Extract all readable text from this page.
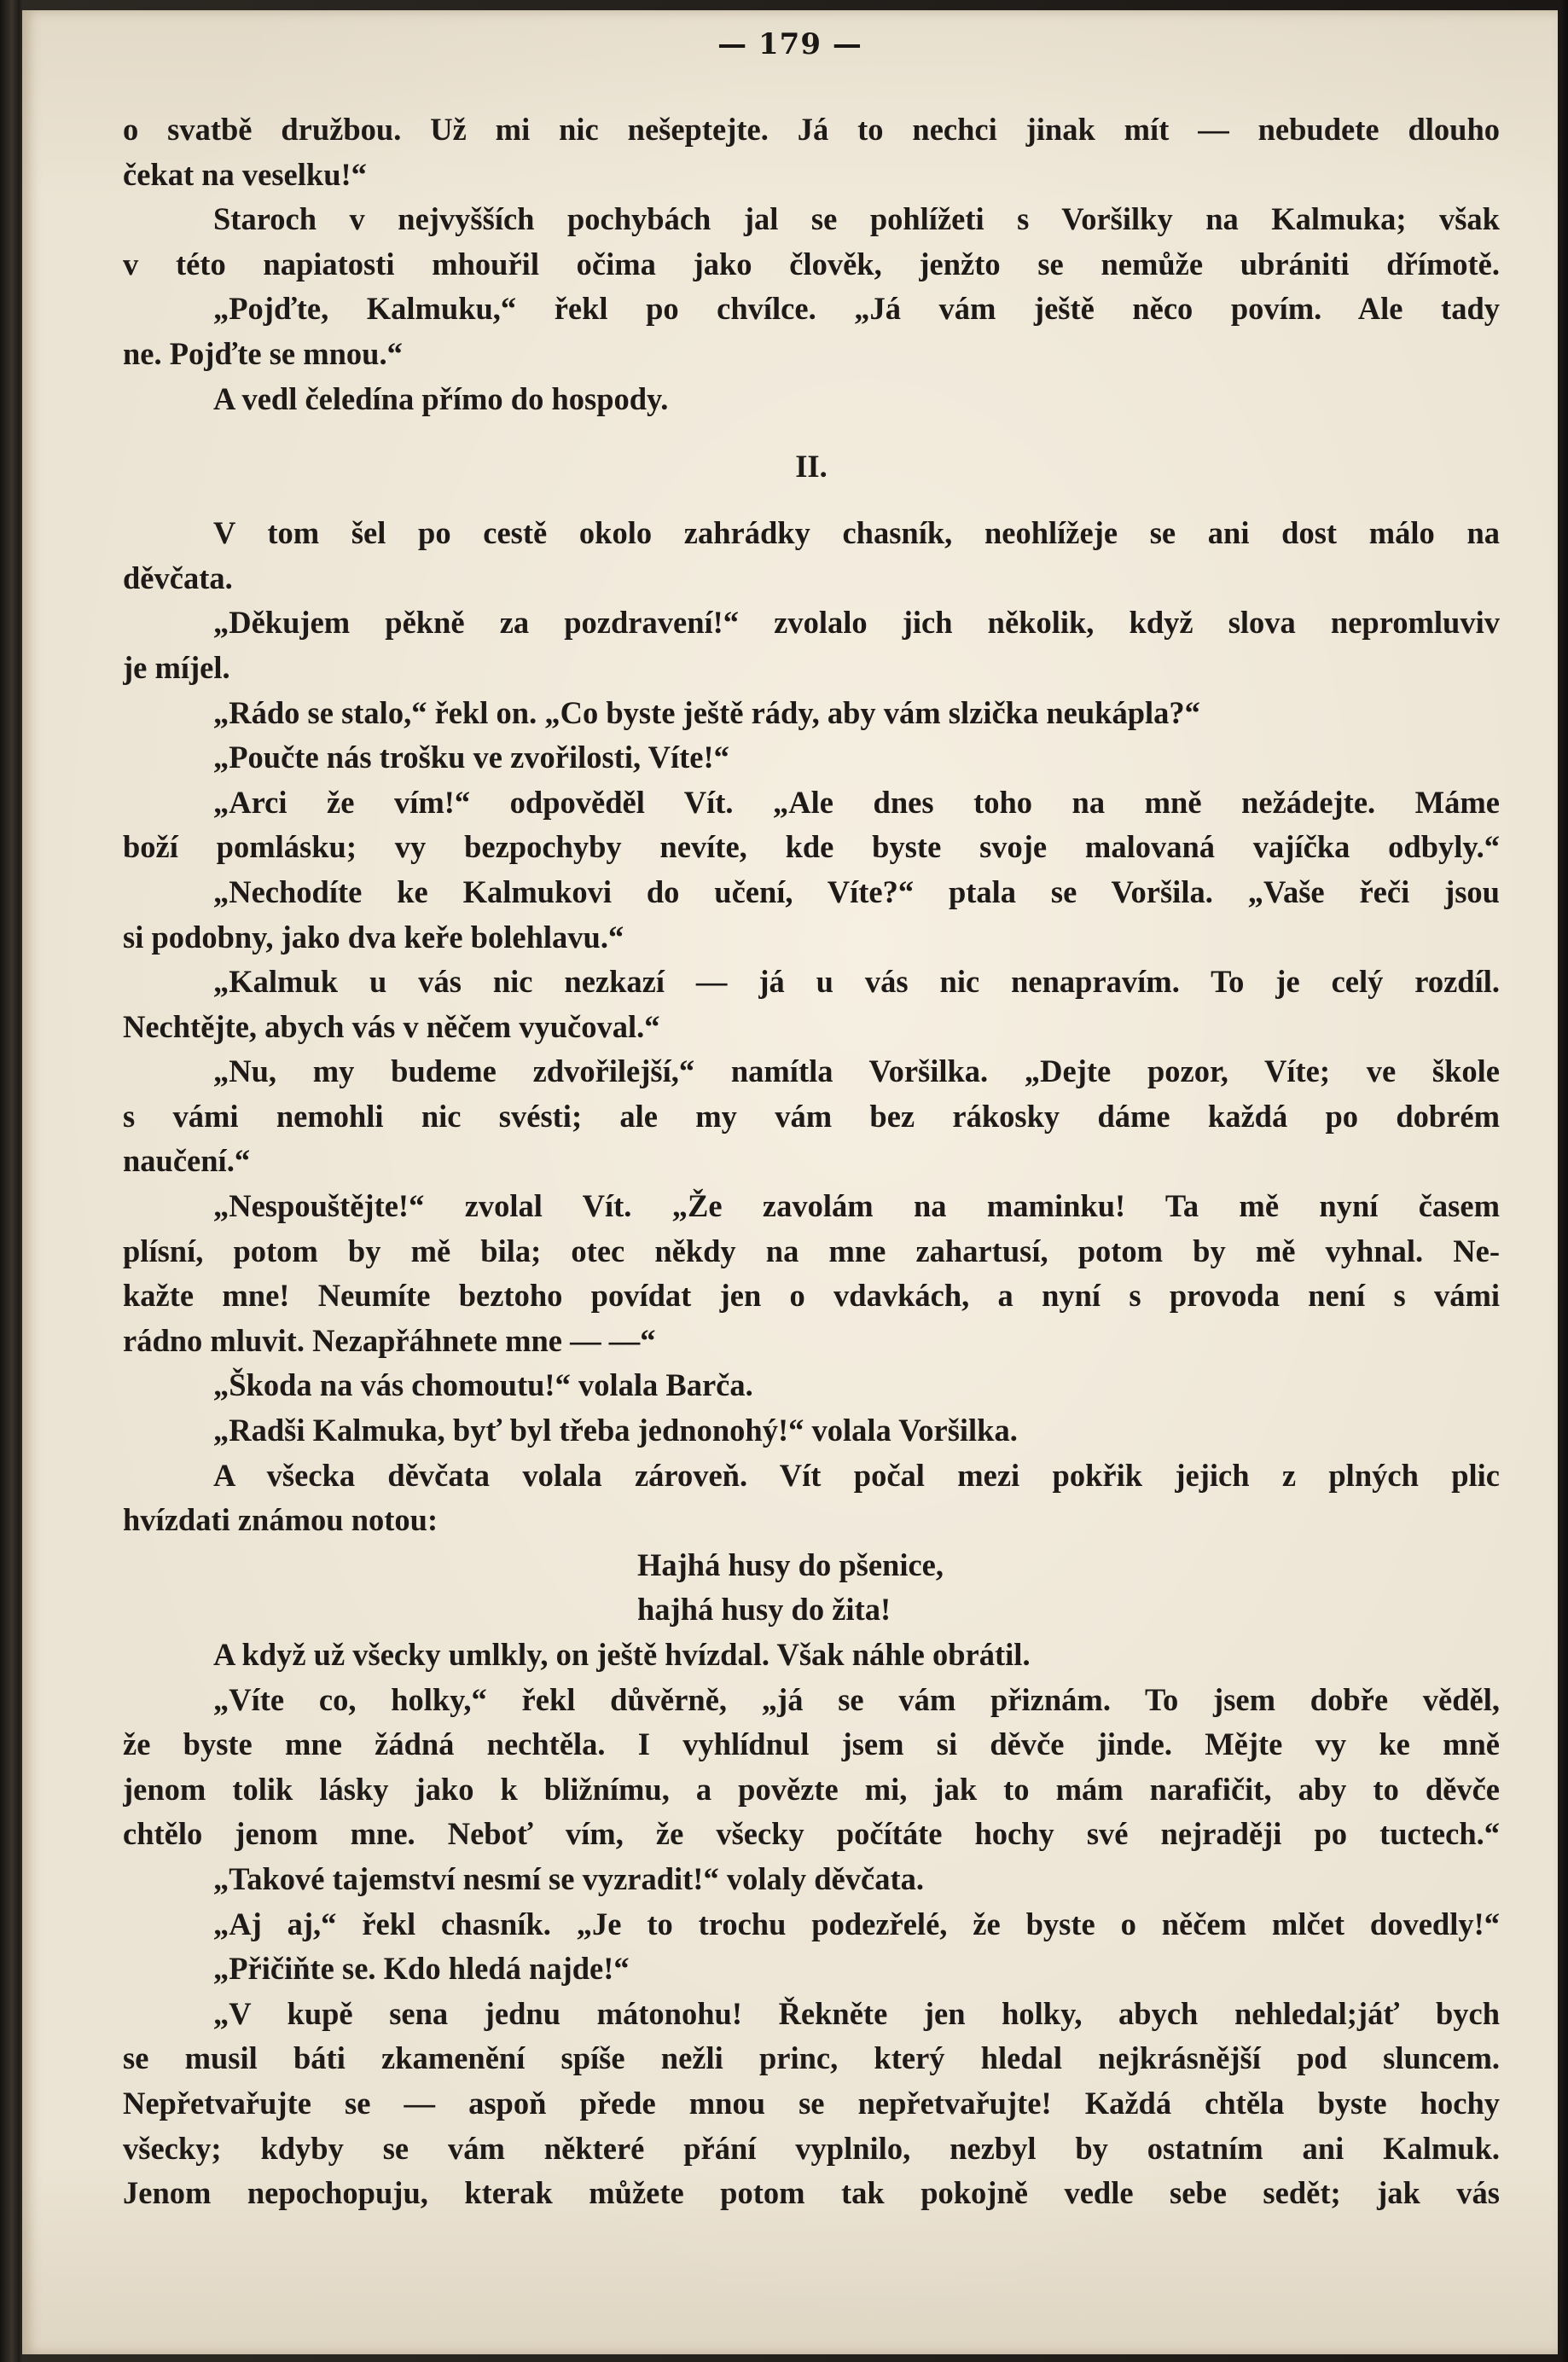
— 179 —
o svatbě družbou. Už mi nic nešeptejte. Já to nechci jinak mít — nebudete dlouho
čekat na veselku!“
Staroch v nejvyšších pochybách jal se pohlížeti s Voršilky na Kalmuka; však
v této napiatosti mhouřil očima jako člověk, jenžto se nemůže ubrániti dřímotě.
„Pojďte, Kalmuku,“ řekl po chvílce. „Já vám ještě něco povím. Ale tady
ne. Pojďte se mnou.“
A vedl čeledína přímo do hospody.
II.
V tom šel po cestě okolo zahrádky chasník, neohlížeje se ani dost málo na
děvčata.
„Děkujem pěkně za pozdravení!“ zvolalo jich několik, když slova nepromluviv
je míjel.
„Rádo se stalo,“ řekl on. „Co byste ještě rády, aby vám slzička neukápla?“
„Poučte nás trošku ve zvořilosti, Víte!“
„Arci že vím!“ odpověděl Vít. „Ale dnes toho na mně nežádejte. Máme
boží pomlásku; vy bezpochyby nevíte, kde byste svoje malovaná vajíčka odbyly.“
„Nechodíte ke Kalmukovi do učení, Víte?“ ptala se Voršila. „Vaše řeči jsou
si podobny, jako dva keře bolehlavu.“
„Kalmuk u vás nic nezkazí — já u vás nic nenapravím. To je celý rozdíl.
Nechtějte, abych vás v něčem vyučoval.“
„Nu, my budeme zdvořilejší,“ namítla Voršilka. „Dejte pozor, Víte; ve škole
s vámi nemohli nic svésti; ale my vám bez rákosky dáme každá po dobrém
naučení.“
„Nespouštějte!“ zvolal Vít. „Že zavolám na maminku! Ta mě nyní časem
plísní, potom by mě bila; otec někdy na mne zahartusí, potom by mě vyhnal. Ne-
kažte mne! Neumíte beztoho povídat jen o vdavkách, a nyní s provoda není s vámi
rádno mluvit. Nezapřáhnete mne — —“
„Škoda na vás chomoutu!“ volala Barča.
„Radši Kalmuka, byť byl třeba jednonohý!“ volala Voršilka.
A všecka děvčata volala zároveň. Vít počal mezi pokřik jejich z plných plic
hvízdati známou notou:
Hajhá husy do pšenice,
hajhá husy do žita!
A když už všecky umlkly, on ještě hvízdal. Však náhle obrátil.
„Víte co, holky,“ řekl důvěrně, „já se vám přiznám. To jsem dobře věděl,
že byste mne žádná nechtěla. I vyhlídnul jsem si děvče jinde. Mějte vy ke mně
jenom tolik lásky jako k bližnímu, a povězte mi, jak to mám narafičit, aby to děvče
chtělo jenom mne. Neboť vím, že všecky počítáte hochy své nejraději po tuctech.“
„Takové tajemství nesmí se vyzradit!“ volaly děvčata.
„Aj aj,“ řekl chasník. „Je to trochu podezřelé, že byste o něčem mlčet dovedly!“
„Přičiňte se. Kdo hledá najde!“
„V kupě sena jednu mátonohu! Řekněte jen holky, abych nehledal;jáť bych
se musil báti zkamenění spíše nežli princ, který hledal nejkrásnější pod sluncem.
Nepřetvařujte se — aspoň přede mnou se nepřetvařujte! Každá chtěla byste hochy
všecky; kdyby se vám některé přání vyplnilo, nezbyl by ostatním ani Kalmuk.
Jenom nepochopuju, kterak můžete potom tak pokojně vedle sebe sedět; jak vás
